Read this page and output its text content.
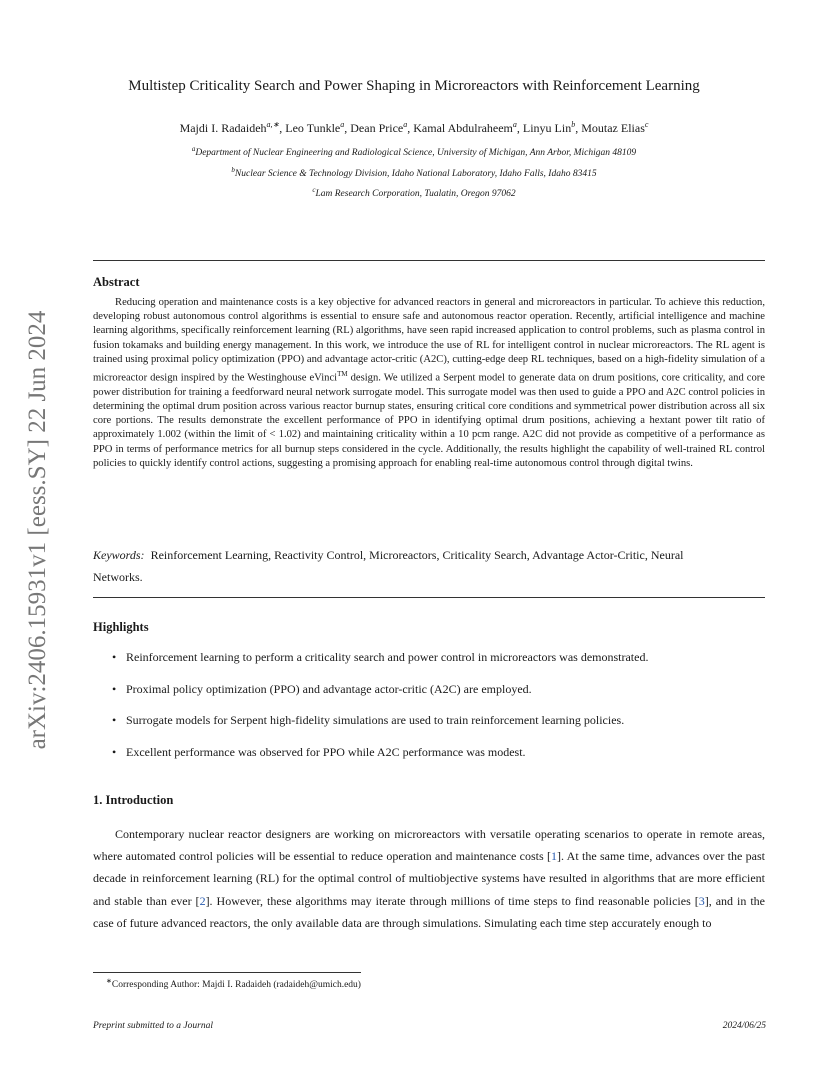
arXiv:2406.15931v1 [eess.SY] 22 Jun 2024
Multistep Criticality Search and Power Shaping in Microreactors with Reinforcement Learning
Majdi I. Radaideh$^{a,∗}$, Leo Tunkle$^a$, Dean Price$^a$, Kamal Abdulraheem$^a$, Linyu Lin$^b$, Moutaz Elias$^c$
$^a$Department of Nuclear Engineering and Radiological Science, University of Michigan, Ann Arbor, Michigan 48109
$^b$Nuclear Science & Technology Division, Idaho National Laboratory, Idaho Falls, Idaho 83415
$^c$Lam Research Corporation, Tualatin, Oregon 97062
Abstract

Reducing operation and maintenance costs is a key objective for advanced reactors in general and microreactors in particular. To achieve this reduction, developing robust autonomous control algorithms is essential to ensure safe and autonomous reactor operation. Recently, artificial intelligence and machine learning algorithms, specifically reinforcement learning (RL) algorithms, have seen rapid increased application to control problems, such as plasma control in fusion tokamaks and building energy management. In this work, we introduce the use of RL for intelligent control in nuclear microreactors. The RL agent is trained using proximal policy optimization (PPO) and advantage actor-critic (A2C), cutting-edge deep RL techniques, based on a high-fidelity simulation of a microreactor design inspired by the Westinghouse eVinci™ design. We utilized a Serpent model to generate data on drum positions, core criticality, and core power distribution for training a feedforward neural network surrogate model. This surrogate model was then used to guide a PPO and A2C control policies in determining the optimal drum position across various reactor burnup states, ensuring critical core conditions and symmetrical power distribution across all six core portions. The results demonstrate the excellent performance of PPO in identifying optimal drum positions, achieving a hextant power tilt ratio of approximately 1.002 (within the limit of < 1.02) and maintaining criticality within a 10 pcm range. A2C did not provide as competitive of a performance as PPO in terms of performance metrics for all burnup steps considered in the cycle. Additionally, the results highlight the capability of well-trained RL control policies to quickly identify control actions, suggesting a promising approach for enabling real-time autonomous control through digital twins.

Keywords: Reinforcement Learning, Reactivity Control, Microreactors, Criticality Search, Advantage Actor-Critic, Neural Networks.
Highlights
• Reinforcement learning to perform a criticality search and power control in microreactors was demonstrated.
• Proximal policy optimization (PPO) and advantage actor-critic (A2C) are employed.
• Surrogate models for Serpent high-fidelity simulations are used to train reinforcement learning policies.
• Excellent performance was observed for PPO while A2C performance was modest.
1. Introduction

Contemporary nuclear reactor designers are working on microreactors with versatile operating scenarios to operate in remote areas, where automated control policies will be essential to reduce operation and maintenance costs [1]. At the same time, advances over the past decade in reinforcement learning (RL) for the optimal control of multiobjective systems have resulted in algorithms that are more efficient and stable than ever [2]. However, these algorithms may iterate through millions of time steps to find reasonable policies [3], and in the case of future advanced reactors, the only available data are through simulations. Simulating each time step accurately enough to

∗Corresponding Author: Majdi I. Radaideh (radaideh@umich.edu)
Preprint submitted to a Journal	2024/06/25
